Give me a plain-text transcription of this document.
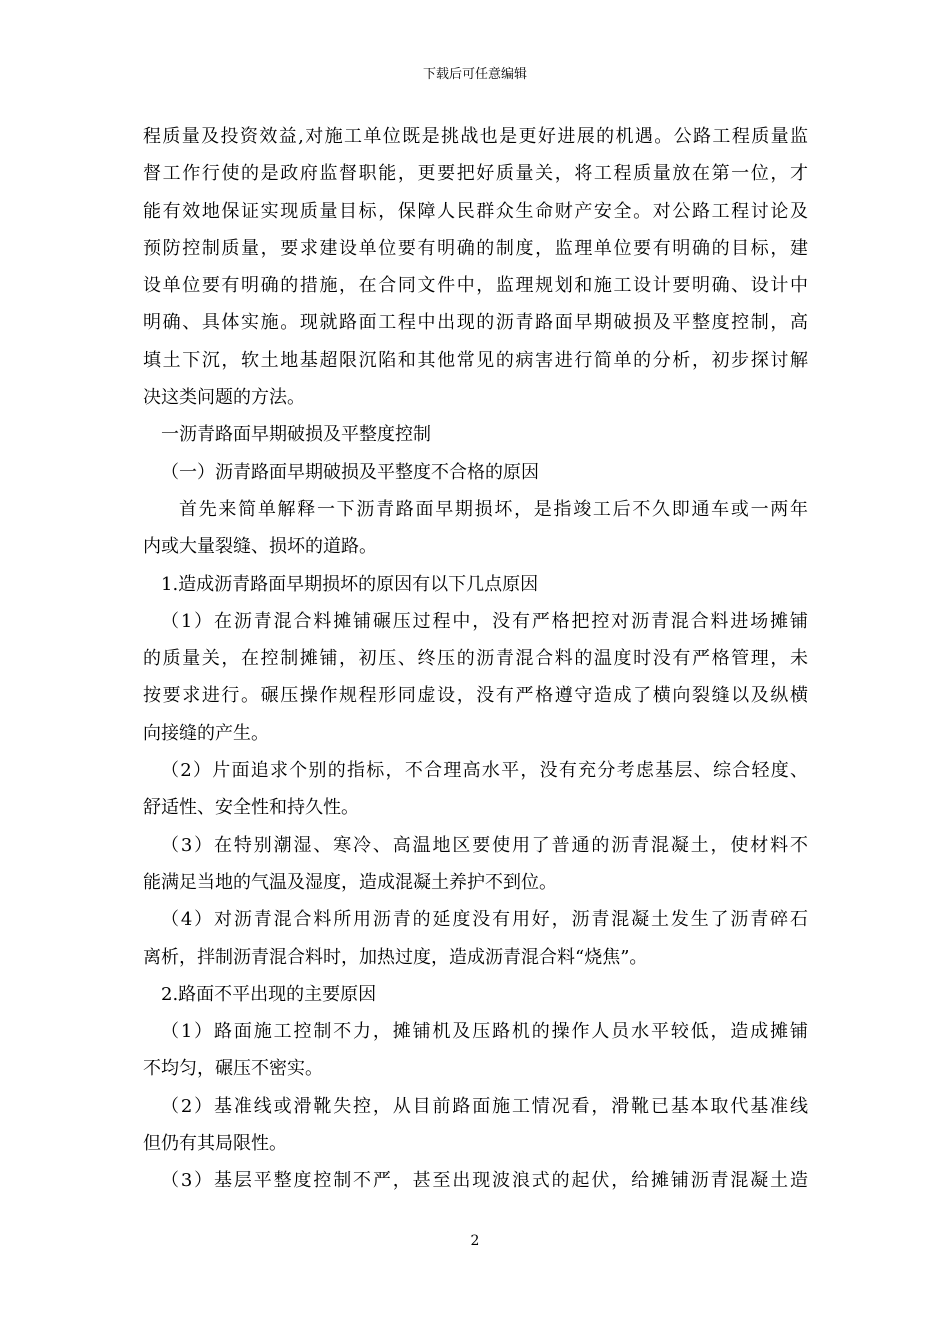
下载后可任意编辑
程质量及投资效益,对施工单位既是挑战也是更好进展的机遇。公路工程质量监
督工作行使的是政府监督职能，更要把好质量关，将工程质量放在第一位，才
能有效地保证实现质量目标，保障人民群众生命财产安全。对公路工程讨论及
预防控制质量，要求建设单位要有明确的制度，监理单位要有明确的目标，建
设单位要有明确的措施，在合同文件中，监理规划和施工设计要明确、设计中
明确、具体实施。现就路面工程中出现的沥青路面早期破损及平整度控制，高
填土下沉，软土地基超限沉陷和其他常见的病害进行简单的分析，初步探讨解
决这类问题的方法。
一沥青路面早期破损及平整度控制
（一）沥青路面早期破损及平整度不合格的原因
首先来简单解释一下沥青路面早期损坏，是指竣工后不久即通车或一两年
内或大量裂缝、损坏的道路。
1.造成沥青路面早期损坏的原因有以下几点原因
（1）在沥青混合料摊铺碾压过程中，没有严格把控对沥青混合料进场摊铺
的质量关，在控制摊铺，初压、终压的沥青混合料的温度时没有严格管理，未
按要求进行。碾压操作规程形同虚设，没有严格遵守造成了横向裂缝以及纵横
向接缝的产生。
（2）片面追求个别的指标，不合理高水平，没有充分考虑基层、综合轻度、
舒适性、安全性和持久性。
（3）在特别潮湿、寒冷、高温地区要使用了普通的沥青混凝土，使材料不
能满足当地的气温及湿度，造成混凝土养护不到位。
（4）对沥青混合料所用沥青的延度没有用好，沥青混凝土发生了沥青碎石
离析，拌制沥青混合料时，加热过度，造成沥青混合料“烧焦”。
2.路面不平出现的主要原因
（1）路面施工控制不力，摊铺机及压路机的操作人员水平较低，造成摊铺
不均匀，碾压不密实。
（2）基准线或滑靴失控，从目前路面施工情况看，滑靴已基本取代基准线
但仍有其局限性。
（3）基层平整度控制不严，甚至出现波浪式的起伏，给摊铺沥青混凝土造
2
